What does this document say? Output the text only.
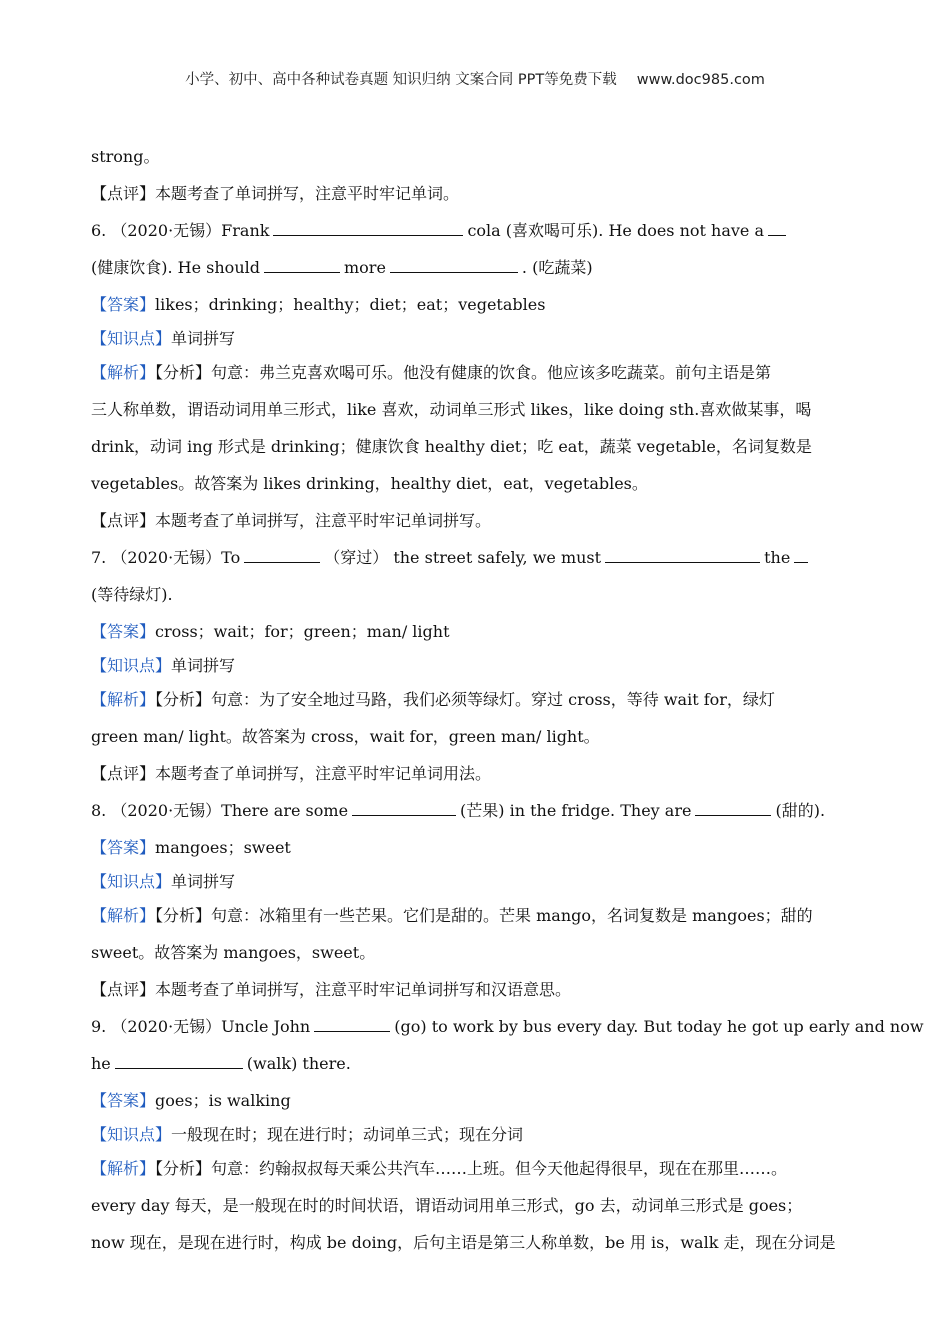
小学、初中、高中各种试卷真题 知识归纳 文案合同 PPT等免费下载 www.doc985.com
strong。
【点评】本题考查了单词拼写，注意平时牢记单词。
6. （2020·无锡）Frank	cola (喜欢喝可乐). He does not have a
(健康饮食). He should	more	. (吃蔬菜)
【答案】likes；drinking；healthy；diet；eat；vegetables
【知识点】单词拼写
【解析】【分析】句意：弗兰克喜欢喝可乐。他没有健康的饮食。他应该多吃蔬菜。前句主语是第
三人称单数，谓语动词用单三形式，like 喜欢，动词单三形式 likes，like doing sth.喜欢做某事，喝
drink，动词 ing 形式是 drinking；健康饮食 healthy diet；吃 eat，蔬菜 vegetable，名词复数是
vegetables。故答案为 likes drinking，healthy diet，eat，vegetables。
【点评】本题考查了单词拼写，注意平时牢记单词拼写。
7. （2020·无锡）To	（穿过） the street safely, we must	the
(等待绿灯).
【答案】cross；wait；for；green；man/ light
【知识点】单词拼写
【解析】【分析】句意：为了安全地过马路，我们必须等绿灯。穿过 cross，等待 wait for，绿灯
green man/ light。故答案为 cross，wait for，green man/ light。
【点评】本题考查了单词拼写，注意平时牢记单词用法。
8. （2020·无锡）There are some	(芒果) in the fridge. They are	(甜的).
【答案】mangoes；sweet
【知识点】单词拼写
【解析】【分析】句意：冰箱里有一些芒果。它们是甜的。芒果 mango，名词复数是 mangoes；甜的
sweet。故答案为 mangoes，sweet。
【点评】本题考查了单词拼写，注意平时牢记单词拼写和汉语意思。
9. （2020·无锡）Uncle John	(go) to work by bus every day. But today he got up early and now
he	(walk) there.
【答案】goes；is walking
【知识点】一般现在时；现在进行时；动词单三式；现在分词
【解析】【分析】句意：约翰叔叔每天乘公共汽车……上班。但今天他起得很早，现在在那里……。
every day 每天，是一般现在时的时间状语，谓语动词用单三形式，go 去，动词单三形式是 goes；
now 现在，是现在进行时，构成 be doing，后句主语是第三人称单数，be 用 is，walk 走，现在分词是
